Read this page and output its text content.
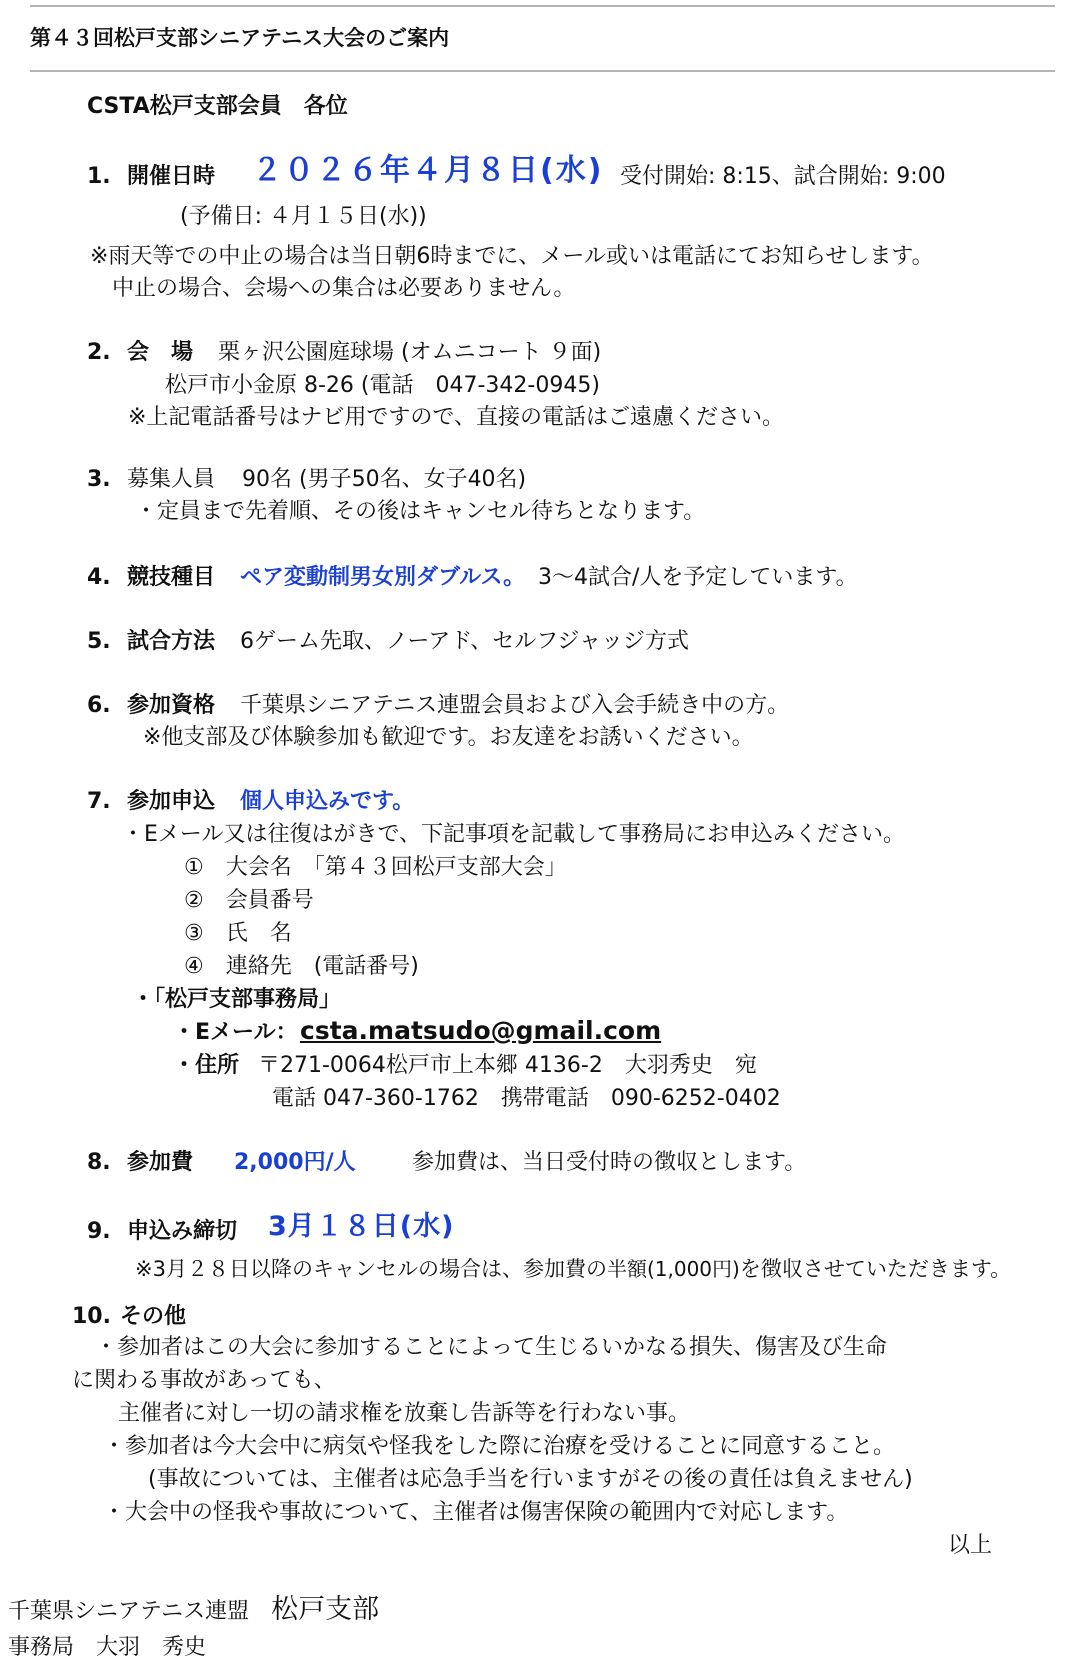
第４３回松戸支部シニアテニス大会のご案内
CSTA松戸支部会員　各位
1. 開催日時 ２０２６年４月８日(水) 受付開始: 8:15、試合開始: 9:00
(予備日: ４月１５日(水))
※雨天等での中止の場合は当日朝6時までに、メール或いは電話にてお知らせします。
中止の場合、会場への集合は必要ありません。
2. 会　場 栗ヶ沢公園庭球場 (オムニコート ９面)
松戸市小金原 8-26 (電話　047-342-0945)
※上記電話番号はナビ用ですので、直接の電話はご遠慮ください。
3. 募集人員 90名 (男子50名、女子40名)
・定員まで先着順、その後はキャンセル待ちとなります。
4. 競技種目 ペア変動制男女別ダブルス。 3～4試合/人を予定しています。
5. 試合方法 6ゲーム先取、ノーアド、セルフジャッジ方式
6. 参加資格 千葉県シニアテニス連盟会員および入会手続き中の方。
※他支部及び体験参加も歓迎です。お友達をお誘いください。
7. 参加申込 個人申込みです。
・Eメール又は往復はがきで、下記事項を記載して事務局にお申込みください。
①　大会名　「第４３回松戸支部大会」
②　会員番号
③　氏　名
④　連絡先　(電話番号)
・「松戸支部事務局」
・Eメール： csta.matsudo@gmail.com
・住所 〒271-0064松戸市上本郷 4136-2　大羽秀史　宛
電話 047-360-1762　携帯電話　090-6252-0402
8. 参加費 2,000円/人	参加費は、当日受付時の徴収とします。
9. 申込み締切 3月１８日(水)
※3月２８日以降のキャンセルの場合は、参加費の半額(1,000円)を徴収させていただきます。
10. その他
・参加者はこの大会に参加することによって生じるいかなる損失、傷害及び生命
に関わる事故があっても、
主催者に対し一切の請求権を放棄し告訴等を行わない事。
・参加者は今大会中に病気や怪我をした際に治療を受けることに同意すること。
(事故については、主催者は応急手当を行いますがその後の責任は負えません)
・大会中の怪我や事故について、主催者は傷害保険の範囲内で対応します。
以上
千葉県シニアテニス連盟　松戸支部
事務局　大羽　秀史
